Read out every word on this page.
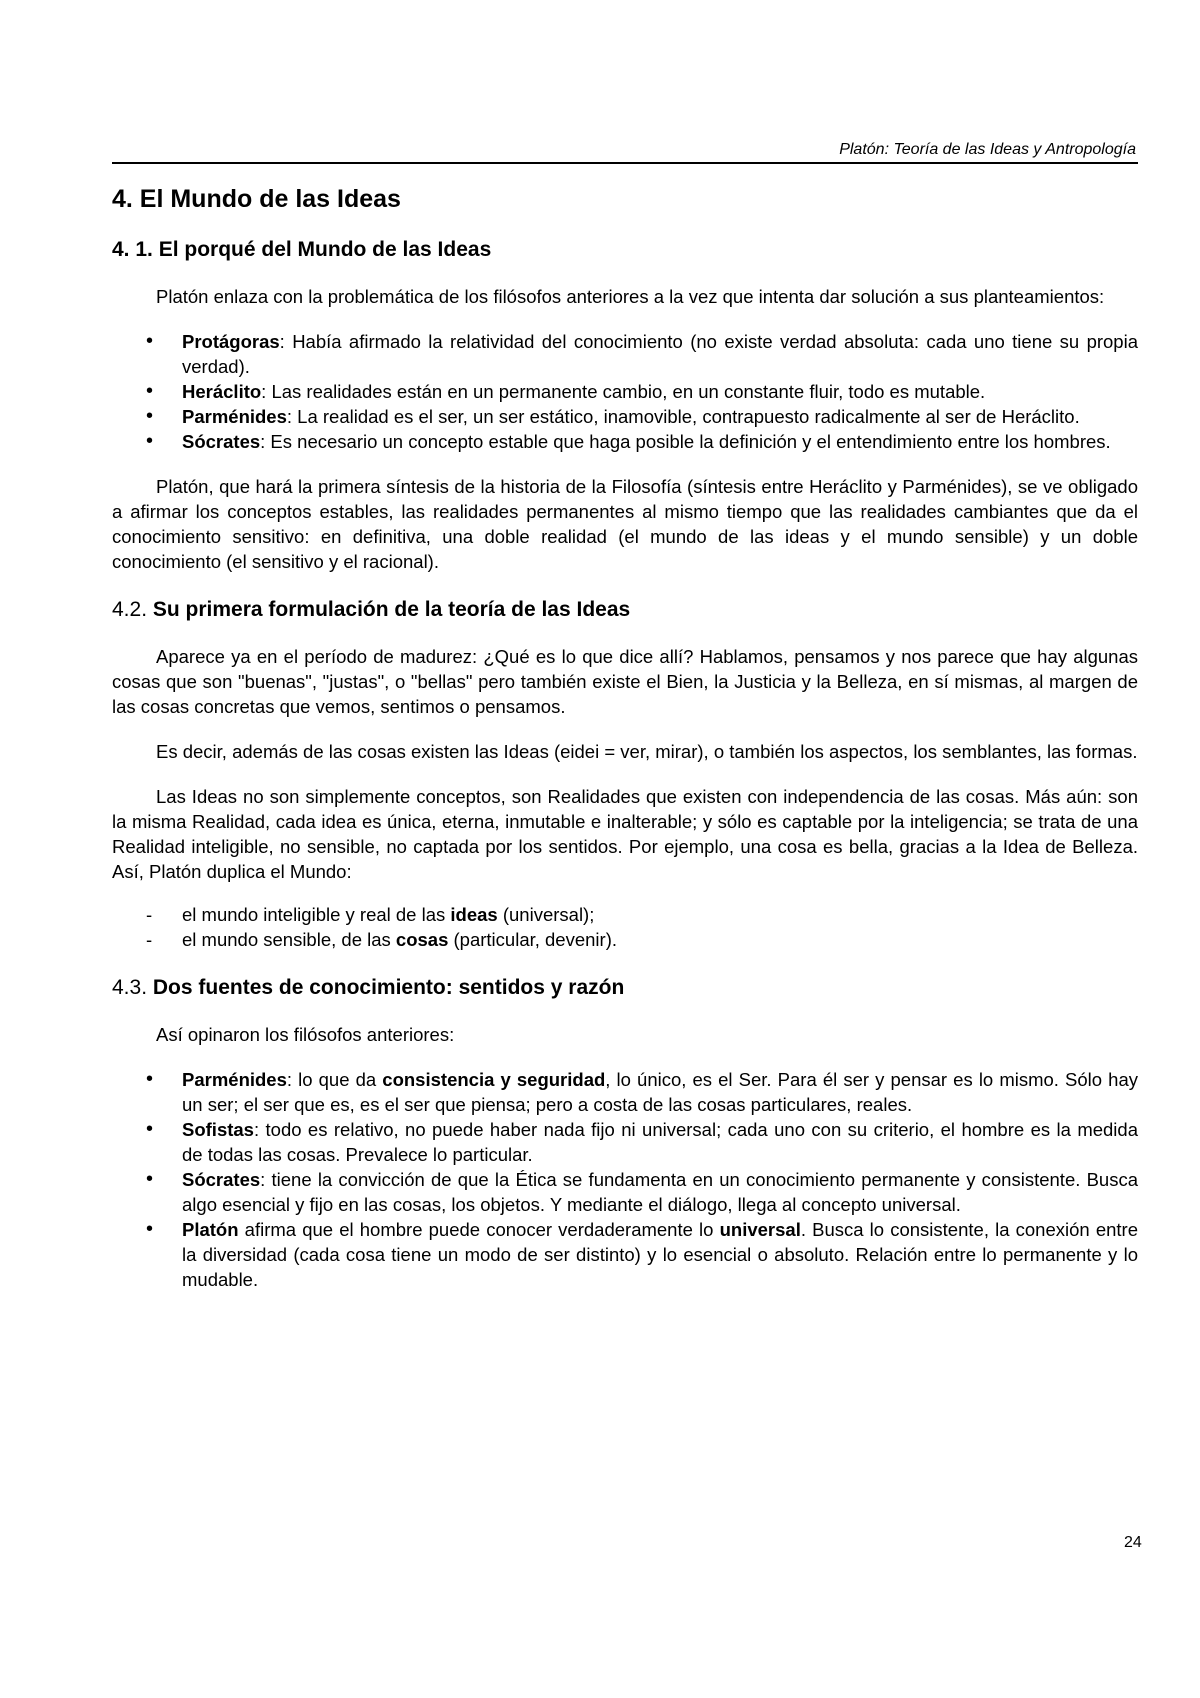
Platón: Teoría de las Ideas y Antropología
4. El Mundo de las Ideas
4. 1. El porqué del Mundo de las Ideas

Platón enlaza con la problemática de los filósofos anteriores a la vez que intenta dar solución a sus planteamientos:

• Protágoras: Había afirmado la relatividad del conocimiento (no existe verdad absoluta: cada uno tiene su propia verdad).
• Heráclito: Las realidades están en un permanente cambio, en un constante fluir, todo es mutable.
• Parménides: La realidad es el ser, un ser estático, inamovible, contrapuesto radicalmente al ser de Heráclito.
• Sócrates: Es necesario un concepto estable que haga posible la definición y el entendimiento entre los hombres.

Platón, que hará la primera síntesis de la historia de la Filosofía (síntesis entre Heráclito y Parménides), se ve obligado a afirmar los conceptos estables, las realidades permanentes al mismo tiempo que las realidades cambiantes que da el conocimiento sensitivo: en definitiva, una doble realidad (el mundo de las ideas y el mundo sensible) y un doble conocimiento (el sensitivo y el racional).

4.2. Su primera formulación de la teoría de las Ideas

Aparece ya en el período de madurez: ¿Qué es lo que dice allí? Hablamos, pensamos y nos parece que hay algunas cosas que son "buenas", "justas", o "bellas" pero también existe el Bien, la Justicia y la Belleza, en sí mismas, al margen de las cosas concretas que vemos, sentimos o pensamos.

Es decir, además de las cosas existen las Ideas (eidei = ver, mirar), o también los aspectos, los semblantes, las formas.

Las Ideas no son simplemente conceptos, son Realidades que existen con independencia de las cosas. Más aún: son la misma Realidad, cada idea es única, eterna, inmutable e inalterable; y sólo es captable por la inteligencia; se trata de una Realidad inteligible, no sensible, no captada por los sentidos. Por ejemplo, una cosa es bella, gracias a la Idea de Belleza. Así, Platón duplica el Mundo:

- el mundo inteligible y real de las ideas (universal);
- el mundo sensible, de las cosas (particular, devenir).
4.3. Dos fuentes de conocimiento: sentidos y razón

Así opinaron los filósofos anteriores:

• Parménides: lo que da consistencia y seguridad, lo único, es el Ser. Para él ser y pensar es lo mismo. Sólo hay un ser; el ser que es, es el ser que piensa; pero a costa de las cosas particulares, reales.
• Sofistas: todo es relativo, no puede haber nada fijo ni universal; cada uno con su criterio, el hombre es la medida de todas las cosas. Prevalece lo particular.
• Sócrates: tiene la convicción de que la Ética se fundamenta en un conocimiento permanente y consistente. Busca algo esencial y fijo en las cosas, los objetos. Y mediante el diálogo, llega al concepto universal.
• Platón afirma que el hombre puede conocer verdaderamente lo universal. Busca lo consistente, la conexión entre la diversidad (cada cosa tiene un modo de ser distinto) y lo esencial o absoluto. Relación entre lo permanente y lo mudable.
24
